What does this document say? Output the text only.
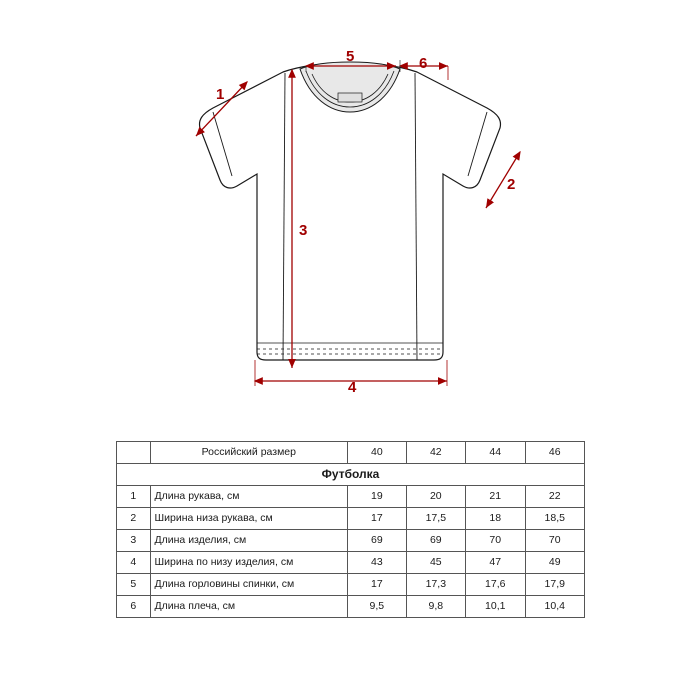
1
2
3
4
5	6
	Российский размер	40	42	44	46
Футболка					
1	Длина рукава, см	19	20	21	22
2	Ширина низа рукава, см	17	17,5	18	18,5
3	Длина изделия, см	69	69	70	70
4	Ширина по низу изделия, см	43	45	47	49
5	Длина горловины спинки, см	17	17,3	17,6	17,9
6	Длина плеча, см	9,5	9,8	10,1	10,4
